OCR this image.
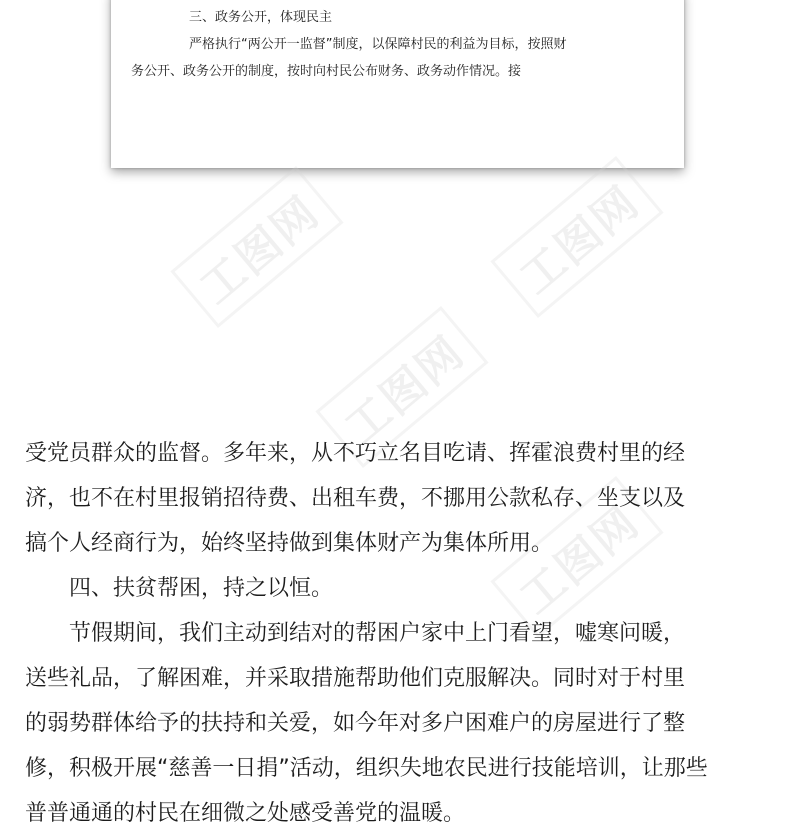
三、政务公开，体现民主
严格执行“两公开一监督”制度，以保障村民的利益为目标，按照财
务公开、政务公开的制度，按时向村民公布财务、政务动作情况。接
工图网	工图网
工图网
工图网

受党员群众的监督。多年来，从不巧立名目吃请、挥霍浪费村里的经

济，也不在村里报销招待费、出租车费，不挪用公款私存、坐支以及

搞个人经商行为，始终坚持做到集体财产为集体所用。

四、扶贫帮困，持之以恒。

节假期间，我们主动到结对的帮困户家中上门看望，嘘寒问暖，

送些礼品，了解困难，并采取措施帮助他们克服解决。同时对于村里

的弱势群体给予的扶持和关爱，如今年对多户困难户的房屋进行了整

修，积极开展“慈善一日捐”活动，组织失地农民进行技能培训，让那些

普普通通的村民在细微之处感受善党的温暖。
